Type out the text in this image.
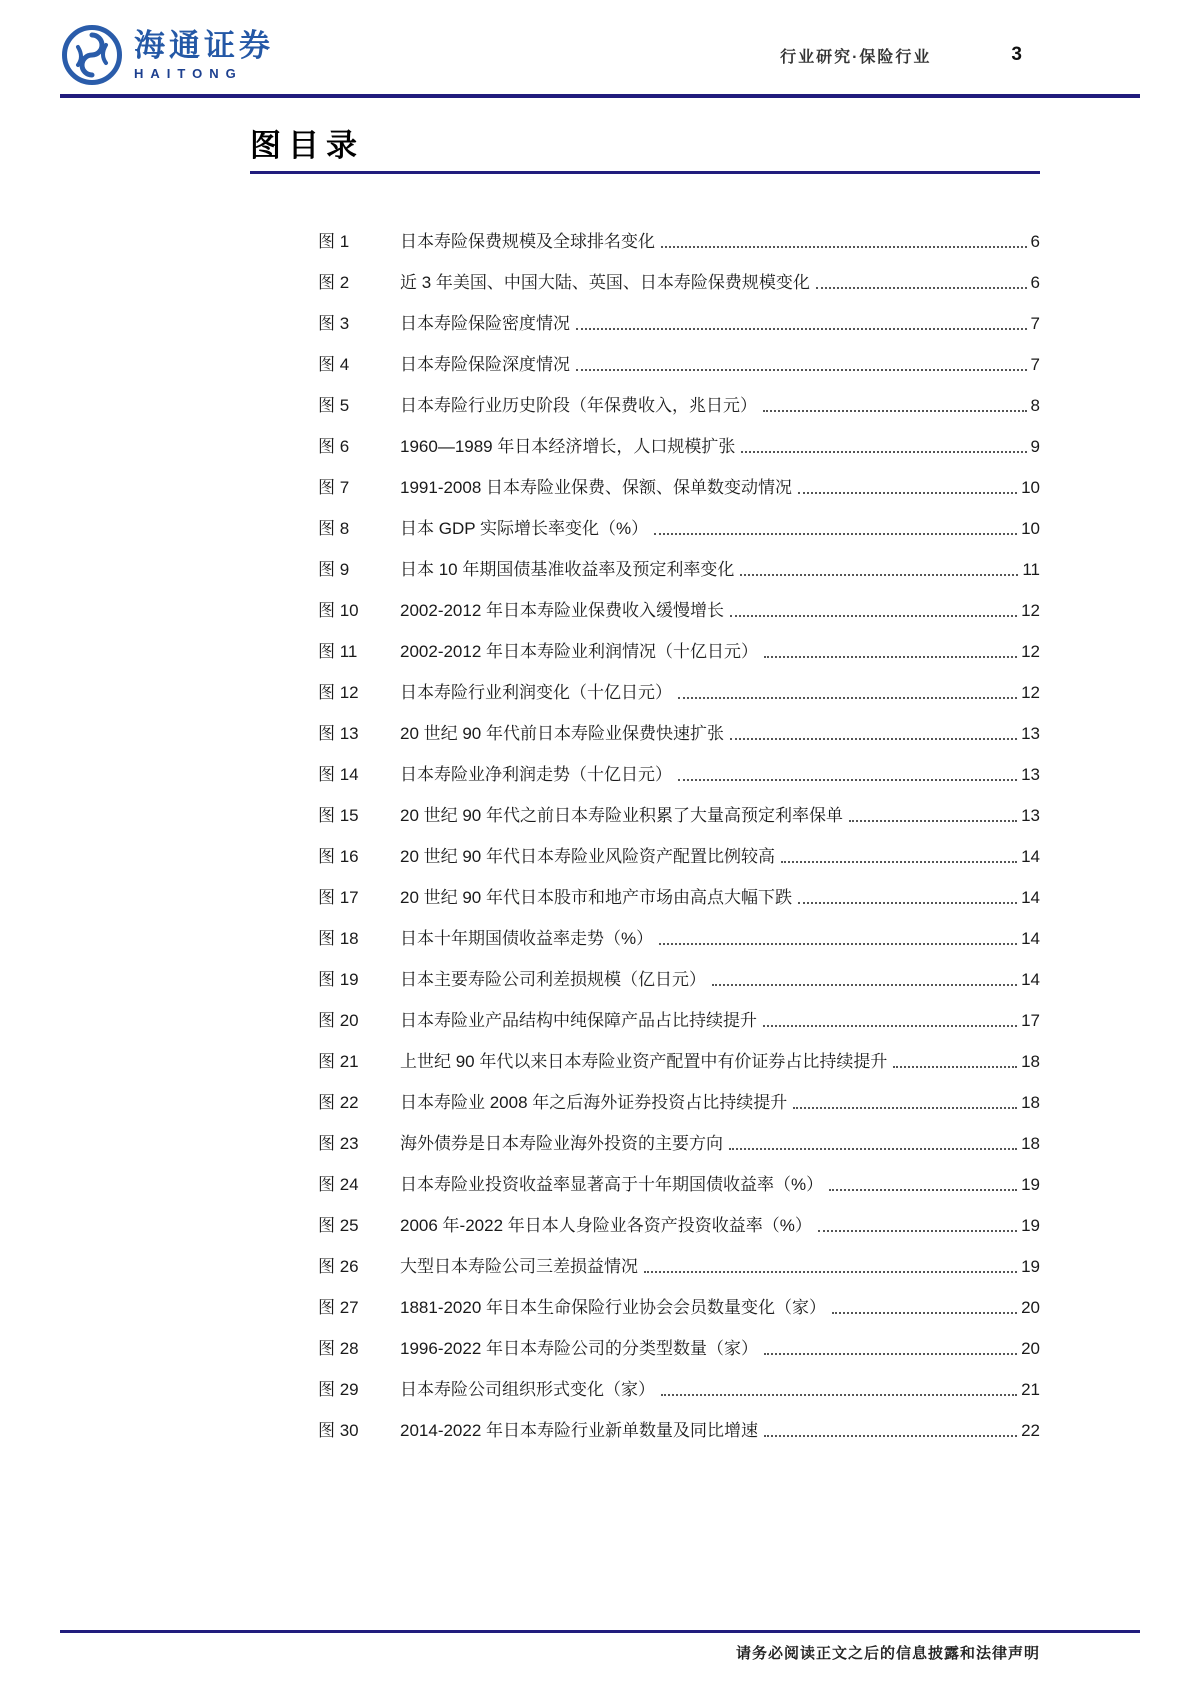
海通证券
HAITONG
行业研究·保险行业	3
图目录
图 1	日本寿险保费规模及全球排名变化	6
图 2	近 3 年美国、中国大陆、英国、日本寿险保费规模变化	6
图 3	日本寿险保险密度情况	7
图 4	日本寿险保险深度情况	7
图 5	日本寿险行业历史阶段（年保费收入，兆日元）	8
图 6	1960—1989 年日本经济增长，人口规模扩张	9
图 7	1991-2008 日本寿险业保费、保额、保单数变动情况	10
图 8	日本 GDP 实际增长率变化（%）	10
图 9	日本 10 年期国债基准收益率及预定利率变化	11
图 10	2002-2012 年日本寿险业保费收入缓慢增长	12
图 11	2002-2012 年日本寿险业利润情况（十亿日元）	12
图 12	日本寿险行业利润变化（十亿日元）	12
图 13	20 世纪 90 年代前日本寿险业保费快速扩张	13
图 14	日本寿险业净利润走势（十亿日元）	13
图 15	20 世纪 90 年代之前日本寿险业积累了大量高预定利率保单	13
图 16	20 世纪 90 年代日本寿险业风险资产配置比例较高	14
图 17	20 世纪 90 年代日本股市和地产市场由高点大幅下跌	14
图 18	日本十年期国债收益率走势（%）	14
图 19	日本主要寿险公司利差损规模（亿日元）	14
图 20	日本寿险业产品结构中纯保障产品占比持续提升	17
图 21	上世纪 90 年代以来日本寿险业资产配置中有价证券占比持续提升	18
图 22	日本寿险业 2008 年之后海外证券投资占比持续提升	18
图 23	海外债券是日本寿险业海外投资的主要方向	18
图 24	日本寿险业投资收益率显著高于十年期国债收益率（%）	19
图 25	2006 年-2022 年日本人身险业各资产投资收益率（%）	19
图 26	大型日本寿险公司三差损益情况	19
图 27	1881-2020 年日本生命保险行业协会会员数量变化（家）	20
图 28	1996-2022 年日本寿险公司的分类型数量（家）	20
图 29	日本寿险公司组织形式变化（家）	21
图 30	2014-2022 年日本寿险行业新单数量及同比增速	22
请务必阅读正文之后的信息披露和法律声明
